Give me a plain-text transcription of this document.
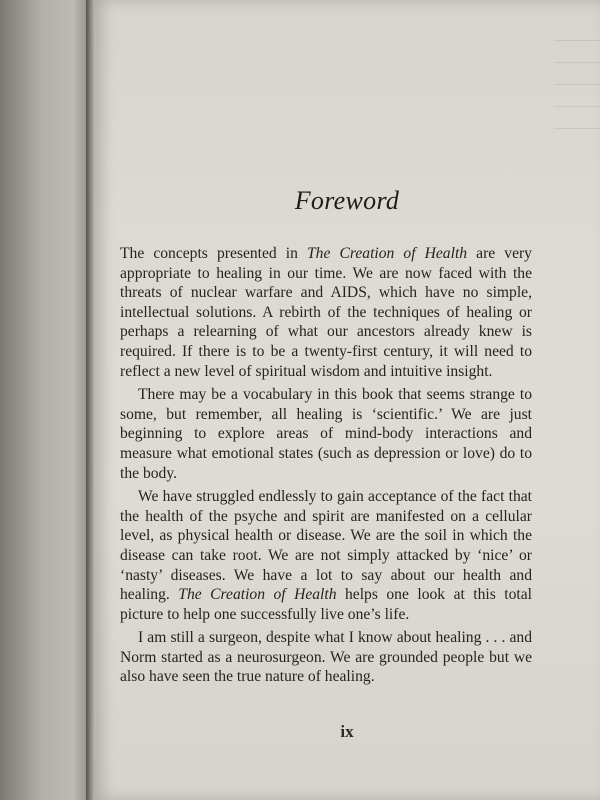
Foreword

The concepts presented in The Creation of Health are very appropriate to healing in our time. We are now faced with the threats of nuclear warfare and AIDS, which have no simple, intellectual solutions. A rebirth of the techniques of healing or perhaps a relearning of what our ancestors already knew is required. If there is to be a twenty-first century, it will need to reflect a new level of spiritual wisdom and intuitive insight.

There may be a vocabulary in this book that seems strange to some, but remember, all healing is ‘scientific.’ We are just beginning to explore areas of mind-body interactions and measure what emotional states (such as depression or love) do to the body.

We have struggled endlessly to gain acceptance of the fact that the health of the psyche and spirit are manifested on a cellular level, as physical health or disease. We are the soil in which the disease can take root. We are not simply attacked by ‘nice’ or ‘nasty’ diseases. We have a lot to say about our health and healing. The Creation of Health helps one look at this total picture to help one successfully live one’s life.

I am still a surgeon, despite what I know about healing . . . and Norm started as a neurosurgeon. We are grounded people but we also have seen the true nature of healing.

ix
